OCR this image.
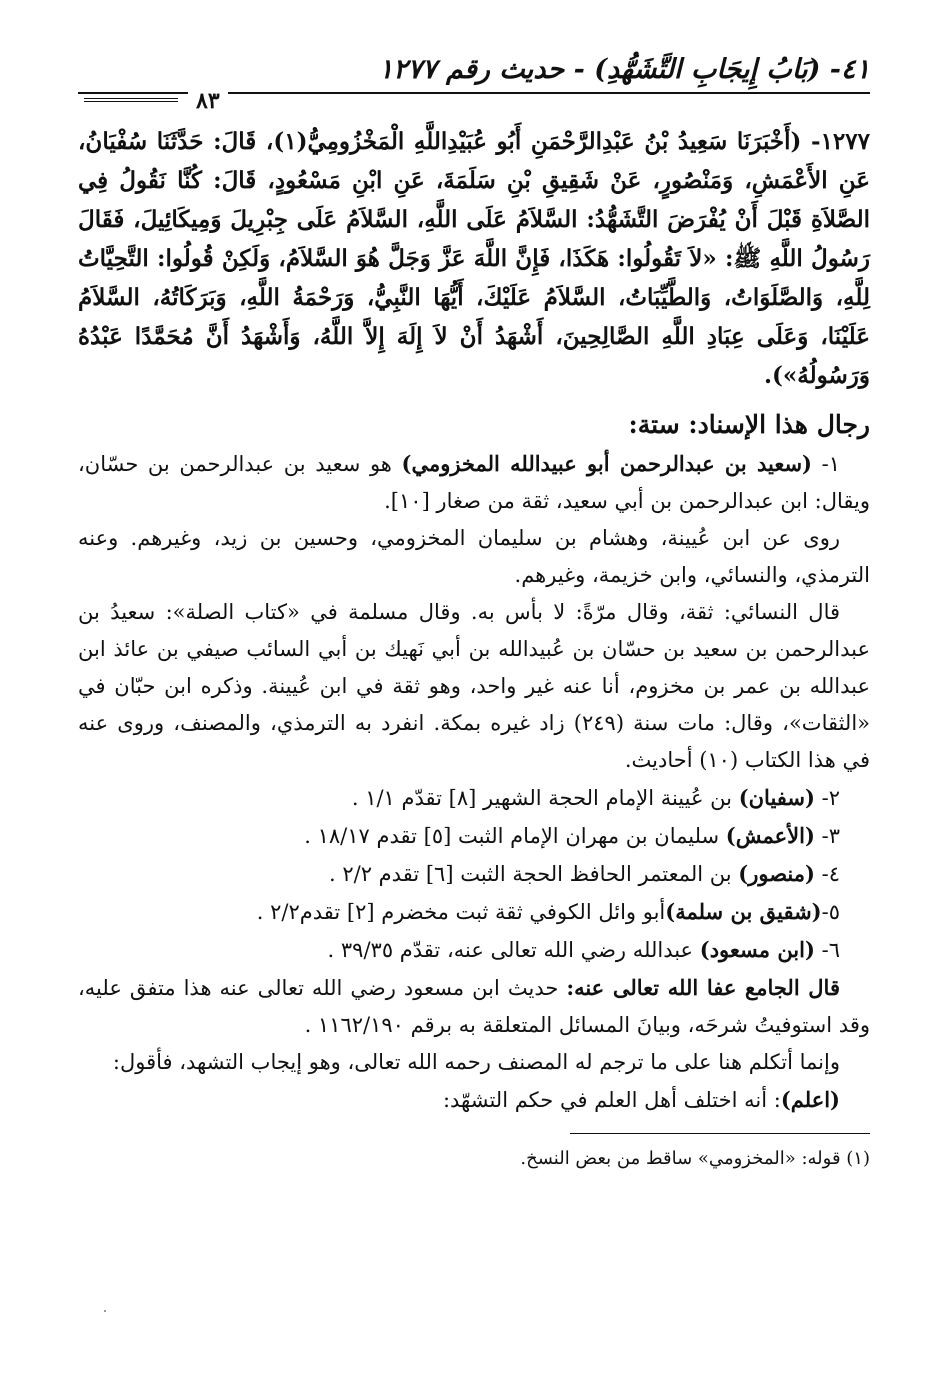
٤١- (بَابُ إِيجَابِ التَّشَهُّدِ) - حديث رقم ١٢٧٧
٨٣
١٢٧٧- (أَخْبَرَنَا سَعِيدُ بْنُ عَبْدِالرَّحْمَنِ أَبُو عُبَيْدِاللَّهِ الْمَخْزُومِيُّ(١)، قَالَ: حَدَّثَنَا سُفْيَانُ، عَنِ الأَعْمَشِ، وَمَنْصُورٍ، عَنْ شَقِيقِ بْنِ سَلَمَةَ، عَنِ ابْنِ مَسْعُودٍ، قَالَ: كُنَّا نَقُولُ فِي الصَّلاَةِ قَبْلَ أَنْ يُفْرَضَ التَّشَهُّدُ: السَّلاَمُ عَلَى اللَّهِ، السَّلاَمُ عَلَى جِبْرِيلَ وَمِيكَائِيلَ، فَقَالَ رَسُولُ اللَّهِ ﷺ: «لاَ تَقُولُوا: هَكَذَا، فَإِنَّ اللَّهَ عَزَّ وَجَلَّ هُوَ السَّلاَمُ، وَلَكِنْ قُولُوا: التَّحِيَّاتُ لِلَّهِ، وَالصَّلَوَاتُ، وَالطَّيِّبَاتُ، السَّلاَمُ عَلَيْكَ، أَيُّهَا النَّبِيُّ، وَرَحْمَةُ اللَّهِ، وَبَرَكَاتُهُ، السَّلاَمُ عَلَيْنَا، وَعَلَى عِبَادِ اللَّهِ الصَّالِحِينَ، أَشْهَدُ أَنْ لاَ إِلَهَ إِلاَّ اللَّهُ، وَأَشْهَدُ أَنَّ مُحَمَّدًا عَبْدُهُ وَرَسُولُهُ»).
رجال هذا الإسناد: ستة:
١- (سعيد بن عبدالرحمن أبو عبيدالله المخزومي) هو سعيد بن عبدالرحمن بن حسّان، ويقال: ابن عبدالرحمن بن أبي سعيد، ثقة من صغار [١٠].
روى عن ابن عُيينة، وهشام بن سليمان المخزومي، وحسين بن زيد، وغيرهم. وعنه الترمذي، والنسائي، وابن خزيمة، وغيرهم.
قال النسائي: ثقة، وقال مرّةً: لا بأس به. وقال مسلمة في «كتاب الصلة»: سعيدُ بن عبدالرحمن بن سعيد بن حسّان بن عُبيدالله بن أبي نَهيك بن أبي السائب صيفي بن عائذ ابن عبدالله بن عمر بن مخزوم، أنا عنه غير واحد، وهو ثقة في ابن عُيينة. وذكره ابن حبّان في «الثقات»، وقال: مات سنة (٢٤٩) زاد غيره بمكة. انفرد به الترمذي، والمصنف، وروى عنه في هذا الكتاب (١٠) أحاديث.
٢- (سفيان) بن عُيينة الإمام الحجة الشهير [٨] تقدّم ١/١ .
٣- (الأعمش) سليمان بن مهران الإمام الثبت [٥] تقدم ١٨/١٧ .
٤- (منصور) بن المعتمر الحافظ الحجة الثبت [٦] تقدم ٢/٢ .
٥-(شقيق بن سلمة)أبو وائل الكوفي ثقة ثبت مخضرم [٢] تقدم٢/٢ .
٦- (ابن مسعود) عبدالله رضي الله تعالى عنه، تقدّم ٣٩/٣٥ .
قال الجامع عفا الله تعالى عنه: حديث ابن مسعود رضي الله تعالى عنه هذا متفق عليه، وقد استوفيتُ شرحَه، وبيانَ المسائل المتعلقة به برقم ١١٦٢/١٩٠ .
وإنما أتكلم هنا على ما ترجم له المصنف رحمه الله تعالى، وهو إيجاب التشهد، فأقول:
(اعلم): أنه اختلف أهل العلم في حكم التشهّد:
(١) قوله: «المخزومي» ساقط من بعض النسخ.
